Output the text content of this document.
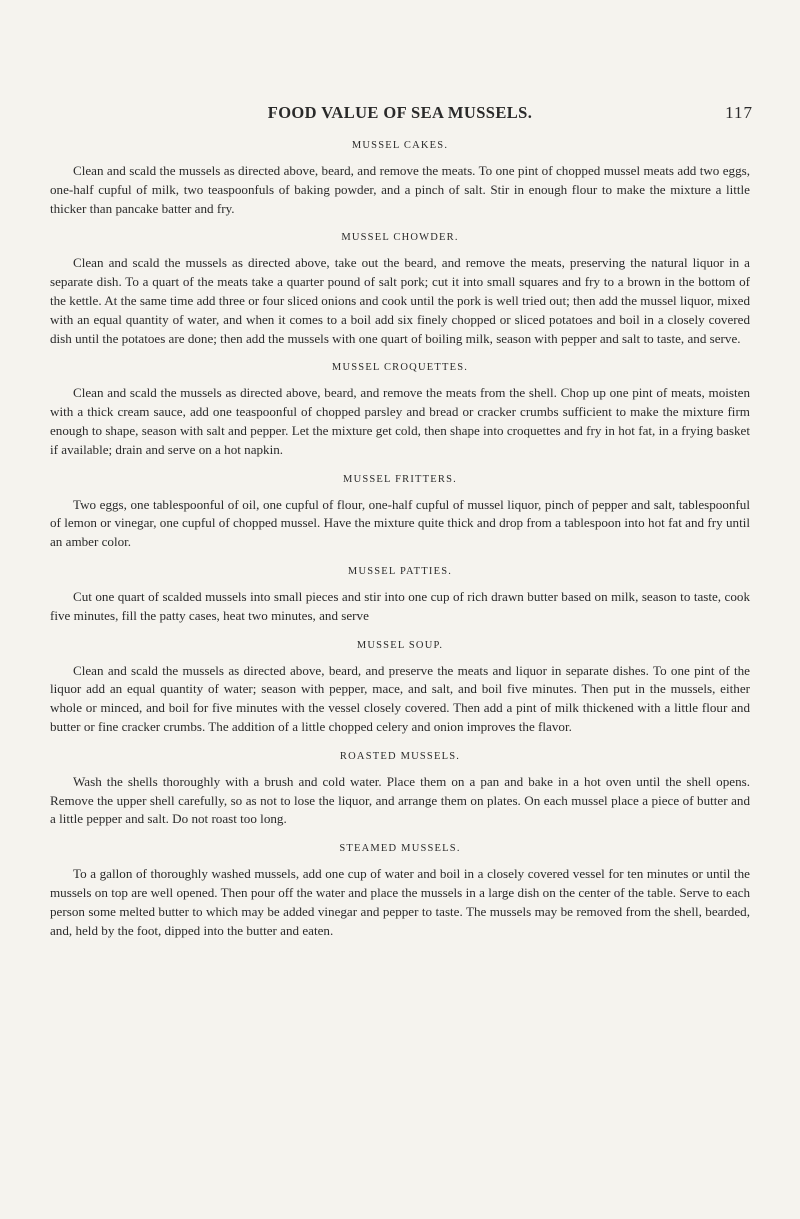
FOOD VALUE OF SEA MUSSELS.	117
MUSSEL CAKES.

Clean and scald the mussels as directed above, beard, and remove the meats. To one pint of chopped mussel meats add two eggs, one-half cupful of milk, two teaspoonfuls of baking powder, and a pinch of salt. Stir in enough flour to make the mixture a little thicker than pancake batter and fry.

MUSSEL CHOWDER.

Clean and scald the mussels as directed above, take out the beard, and remove the meats, preserving the natural liquor in a separate dish. To a quart of the meats take a quarter pound of salt pork; cut it into small squares and fry to a brown in the bottom of the kettle. At the same time add three or four sliced onions and cook until the pork is well tried out; then add the mussel liquor, mixed with an equal quantity of water, and when it comes to a boil add six finely chopped or sliced potatoes and boil in a closely covered dish until the potatoes are done; then add the mussels with one quart of boiling milk, season with pepper and salt to taste, and serve.

MUSSEL CROQUETTES.

Clean and scald the mussels as directed above, beard, and remove the meats from the shell. Chop up one pint of meats, moisten with a thick cream sauce, add one teaspoonful of chopped parsley and bread or cracker crumbs sufficient to make the mixture firm enough to shape, season with salt and pepper. Let the mixture get cold, then shape into croquettes and fry in hot fat, in a frying basket if available; drain and serve on a hot napkin.

MUSSEL FRITTERS.

Two eggs, one tablespoonful of oil, one cupful of flour, one-half cupful of mussel liquor, pinch of pepper and salt, tablespoonful of lemon or vinegar, one cupful of chopped mussel. Have the mixture quite thick and drop from a tablespoon into hot fat and fry until an amber color.

MUSSEL PATTIES.

Cut one quart of scalded mussels into small pieces and stir into one cup of rich drawn butter based on milk, season to taste, cook five minutes, fill the patty cases, heat two minutes, and serve

MUSSEL SOUP.

Clean and scald the mussels as directed above, beard, and preserve the meats and liquor in separate dishes. To one pint of the liquor add an equal quantity of water; season with pepper, mace, and salt, and boil five minutes. Then put in the mussels, either whole or minced, and boil for five minutes with the vessel closely covered. Then add a pint of milk thickened with a little flour and butter or fine cracker crumbs. The addition of a little chopped celery and onion improves the flavor.

ROASTED MUSSELS.

Wash the shells thoroughly with a brush and cold water. Place them on a pan and bake in a hot oven until the shell opens. Remove the upper shell carefully, so as not to lose the liquor, and arrange them on plates. On each mussel place a piece of butter and a little pepper and salt. Do not roast too long.

STEAMED MUSSELS.

To a gallon of thoroughly washed mussels, add one cup of water and boil in a closely covered vessel for ten minutes or until the mussels on top are well opened. Then pour off the water and place the mussels in a large dish on the center of the table. Serve to each person some melted butter to which may be added vinegar and pepper to taste. The mussels may be removed from the shell, bearded, and, held by the foot, dipped into the butter and eaten.
